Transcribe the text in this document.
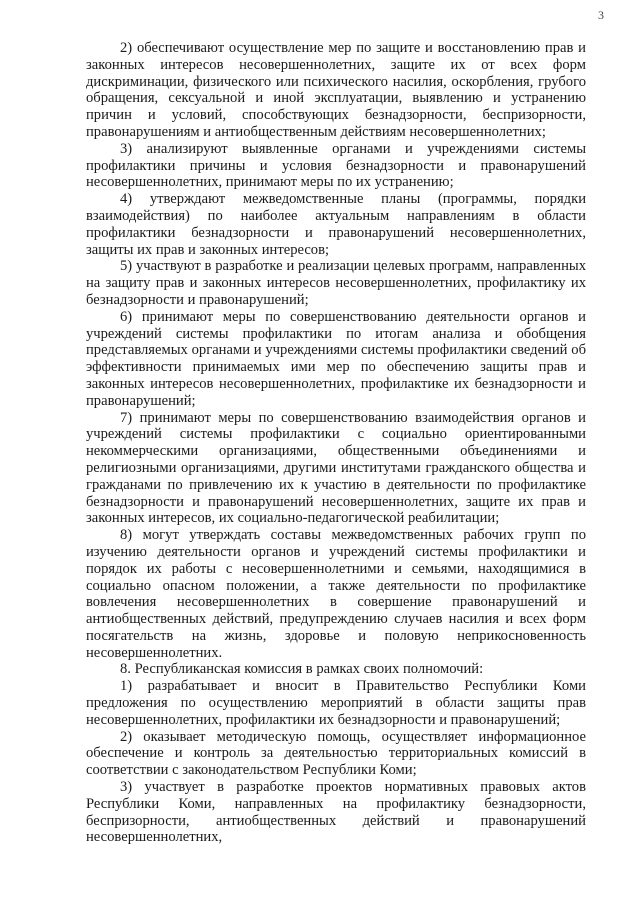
3

2) обеспечивают осуществление мер по защите и восстановлению прав и законных интересов несовершеннолетних, защите их от всех форм дискриминации, физического или психического насилия, оскорбления, грубого обращения, сексуальной и иной эксплуатации, выявлению и устранению причин и условий, способствующих безнадзорности, беспризорности, правонарушениям и антиобщественным действиям несовершеннолетних;

3) анализируют выявленные органами и учреждениями системы профилактики причины и условия безнадзорности и правонарушений несовершеннолетних, принимают меры по их устранению;

4) утверждают межведомственные планы (программы, порядки взаимодействия) по наиболее актуальным направлениям в области профилактики безнадзорности и правонарушений несовершеннолетних, защиты их прав и законных интересов;

5) участвуют в разработке и реализации целевых программ, направленных на защиту прав и законных интересов несовершеннолетних, профилактику их безнадзорности и правонарушений;

6) принимают меры по совершенствованию деятельности органов и учреждений системы профилактики по итогам анализа и обобщения представляемых органами и учреждениями системы профилактики сведений об эффективности принимаемых ими мер по обеспечению защиты прав и законных интересов несовершеннолетних, профилактике их безнадзорности и правонарушений;

7) принимают меры по совершенствованию взаимодействия органов и учреждений системы профилактики с социально ориентированными некоммерческими организациями, общественными объединениями и религиозными организациями, другими институтами гражданского общества и гражданами по привлечению их к участию в деятельности по профилактике безнадзорности и правонарушений несовершеннолетних, защите их прав и законных интересов, их социально-педагогической реабилитации;

8) могут утверждать составы межведомственных рабочих групп по изучению деятельности органов и учреждений системы профилактики и порядок их работы с несовершеннолетними и семьями, находящимися в социально опасном положении, а также деятельности по профилактике вовлечения несовершеннолетних в совершение правонарушений и антиобщественных действий, предупреждению случаев насилия и всех форм посягательств на жизнь, здоровье и половую неприкосновенность несовершеннолетних.

8. Республиканская комиссия в рамках своих полномочий:

1) разрабатывает и вносит в Правительство Республики Коми предложения по осуществлению мероприятий в области защиты прав несовершеннолетних, профилактики их безнадзорности и правонарушений;

2) оказывает методическую помощь, осуществляет информационное обеспечение и контроль за деятельностью территориальных комиссий в соответствии с законодательством Республики Коми;

3) участвует в разработке проектов нормативных правовых актов Республики Коми, направленных на профилактику безнадзорности, беспризорности, антиобщественных действий и правонарушений несовершеннолетних,
